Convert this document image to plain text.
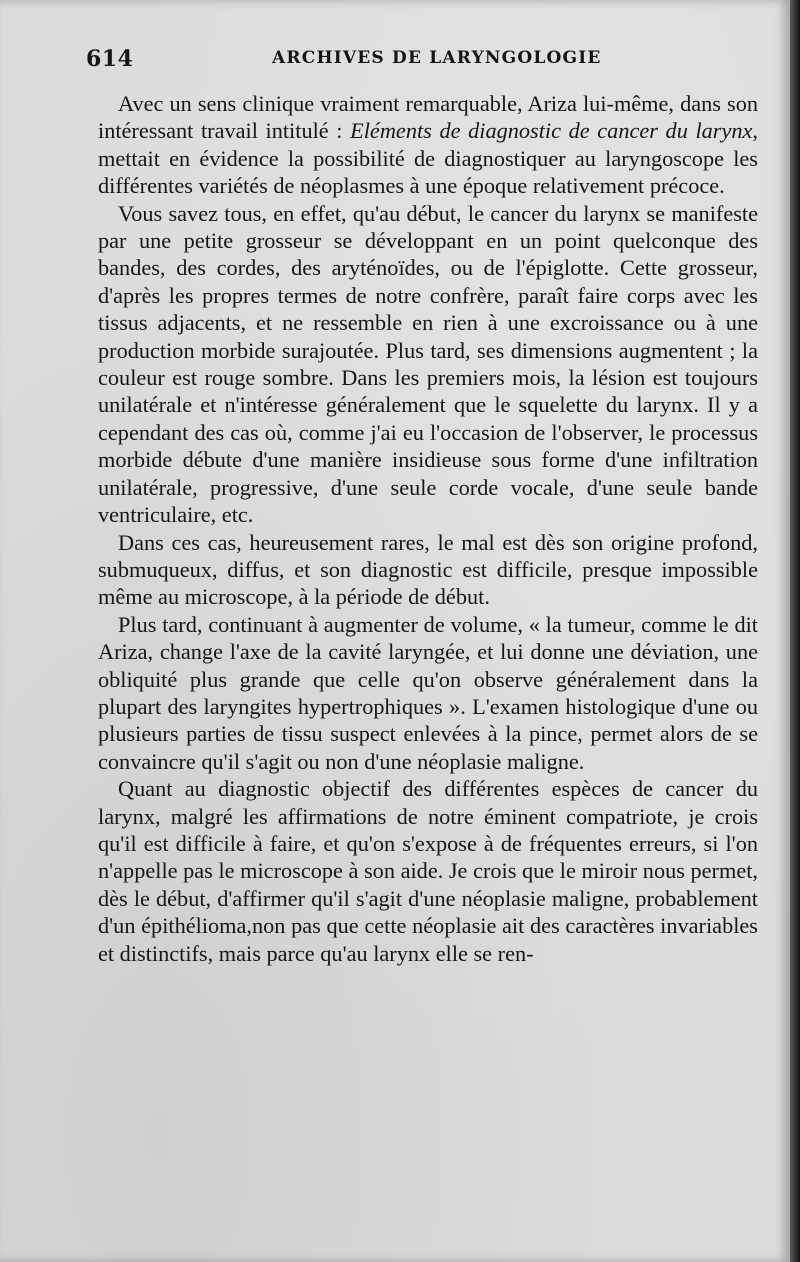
614	ARCHIVES DE LARYNGOLOGIE

Avec un sens clinique vraiment remarquable, Ariza lui-même, dans son intéressant travail intitulé : Eléments de diagnostic de cancer du larynx, mettait en évidence la possibilité de diagnostiquer au laryngoscope les différentes variétés de néoplasmes à une époque relativement précoce.

Vous savez tous, en effet, qu'au début, le cancer du larynx se manifeste par une petite grosseur se développant en un point quelconque des bandes, des cordes, des aryténoïdes, ou de l'épiglotte. Cette grosseur, d'après les propres termes de notre confrère, paraît faire corps avec les tissus adjacents, et ne ressemble en rien à une excroissance ou à une production morbide surajoutée. Plus tard, ses dimensions augmentent ; la couleur est rouge sombre. Dans les premiers mois, la lésion est toujours unilatérale et n'intéresse généralement que le squelette du larynx. Il y a cependant des cas où, comme j'ai eu l'occasion de l'observer, le processus morbide débute d'une manière insidieuse sous forme d'une infiltration unilatérale, progressive, d'une seule corde vocale, d'une seule bande ventriculaire, etc.

Dans ces cas, heureusement rares, le mal est dès son origine profond, submuqueux, diffus, et son diagnostic est difficile, presque impossible même au microscope, à la période de début.

Plus tard, continuant à augmenter de volume, « la tumeur, comme le dit Ariza, change l'axe de la cavité laryngée, et lui donne une déviation, une obliquité plus grande que celle qu'on observe généralement dans la plupart des laryngites hypertrophiques ». L'examen histologique d'une ou plusieurs parties de tissu suspect enlevées à la pince, permet alors de se convaincre qu'il s'agit ou non d'une néoplasie maligne.

Quant au diagnostic objectif des différentes espèces de cancer du larynx, malgré les affirmations de notre éminent compatriote, je crois qu'il est difficile à faire, et qu'on s'expose à de fréquentes erreurs, si l'on n'appelle pas le microscope à son aide. Je crois que le miroir nous permet, dès le début, d'affirmer qu'il s'agit d'une néoplasie maligne, probablement d'un épithélioma,non pas que cette néoplasie ait des caractères invariables et distinctifs, mais parce qu'au larynx elle se ren-
